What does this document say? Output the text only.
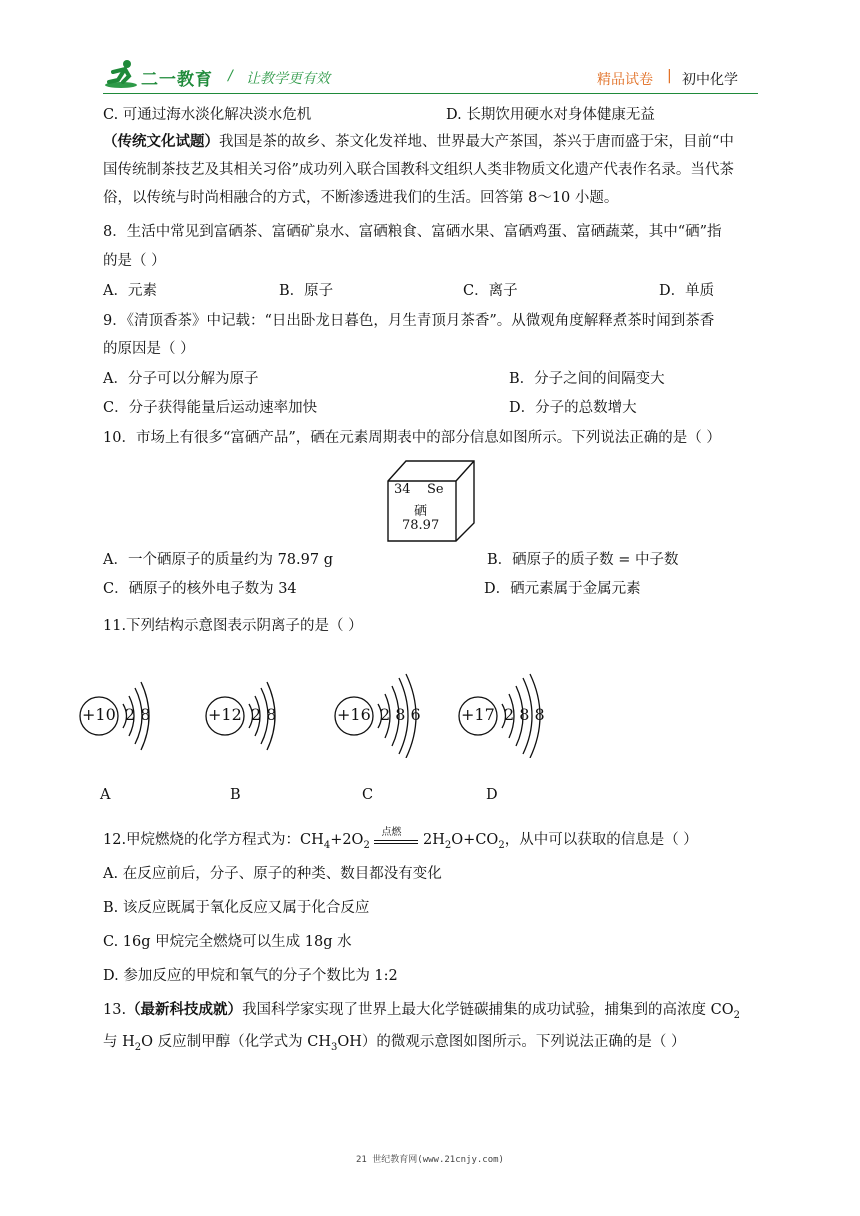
二一教育 / 让教学更有效	精品试卷 | 初中化学
C. 可通过海水淡化解决淡水危机	D. 长期饮用硬水对身体健康无益
（传统文化试题）我国是茶的故乡、茶文化发祥地、世界最大产茶国，茶兴于唐而盛于宋，目前“中
国传统制茶技艺及其相关习俗”成功列入联合国教科文组织人类非物质文化遗产代表作名录。当代茶
俗，以传统与时尚相融合的方式，不断渗透进我们的生活。回答第 8～10 小题。
8．生活中常见到富硒茶、富硒矿泉水、富硒粮食、富硒水果、富硒鸡蛋、富硒蔬菜，其中“硒”指
的是（ ）
A．元素	B．原子	C．离子	D．单质
9．《清顶香茶》中记载：“日出卧龙日暮色，月生青顶月茶香”。从微观角度解释煮茶时闻到茶香
的原因是（ ）
A．分子可以分解为原子	B．分子之间的间隔变大
C．分子获得能量后运动速率加快	D．分子的总数增大
10．市场上有很多“富硒产品”，硒在元素周期表中的部分信息如图所示。下列说法正确的是（ ）
34 Se
硒
78.97
A．一个硒原子的质量约为 78.97 g	B．硒原子的质子数 = 中子数
C．硒原子的核外电子数为 34	D．硒元素属于金属元素
11.下列结构示意图表示阴离子的是（ ）
+10 2 8
A
+12 2 8
B
+16 2 8 6
C
+17 2 8 8
D
12.甲烷燃烧的化学方程式为：$CH_4+2O_2$
点燃 $2H_2O+CO_2$，从中可以获取的信息是（ ）
A. 在反应前后，分子、原子的种类、数目都没有变化
B. 该反应既属于氧化反应又属于化合反应
C. 16g 甲烷完全燃烧可以生成 18g 水
D. 参加反应的甲烷和氧气的分子个数比为 1:2
13.（最新科技成就）我国科学家实现了世界上最大化学链碳捕集的成功试验，捕集到的高浓度 $CO_2$
与 $H_2O$ 反应制甲醇（化学式为 $CH_3OH$）的微观示意图如图所示。下列说法正确的是（ ）
21 世纪教育网(www.21cnjy.com)
